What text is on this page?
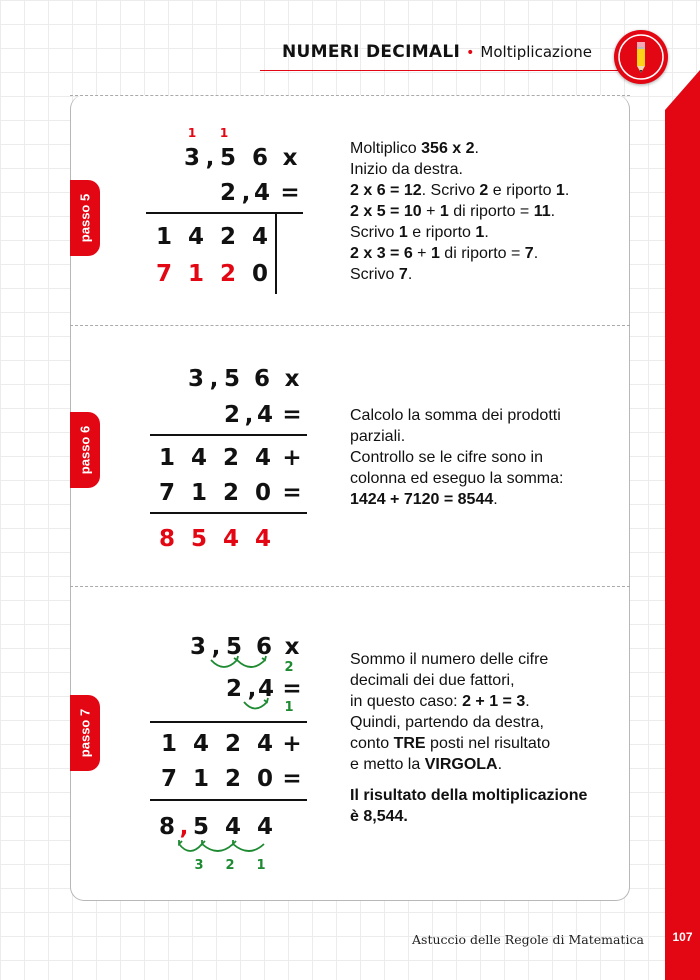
NUMERI DECIMALI • Moltiplicazione
107
Astuccio delle Regole di Matematica
passo 5
passo 6
passo 7
1	1
3 , 5 6 x
2 , 4 =
1 4 2 4
7 1 2 0
Moltiplico 356 x 2.
Inizio da destra.
2 x 6 = 12. Scrivo 2 e riporto 1.
2 x 5 = 10 + 1 di riporto = 11.
Scrivo 1 e riporto 1.
2 x 3 = 6 + 1 di riporto = 7.
Scrivo 7.
3 , 5 6 x
2 , 4 =
1 4 2 4 +
7 1 2 0 =
8 5 4 4
Calcolo la somma dei prodotti
parziali.
Controllo se le cifre sono in
colonna ed eseguo la somma:
1424 + 7120 = 8544.
3 , 5 6 x
2
2 , 4 =
1
1 4 2 4 +
7 1 2 0 =
8 , 5 4 4
3 2 1
Sommo il numero delle cifre
decimali dei due fattori,
in questo caso: 2 + 1 = 3.
Quindi, partendo da destra,
conto TRE posti nel risultato
e metto la VIRGOLA.
Il risultato della moltiplicazione
è 8,544.
